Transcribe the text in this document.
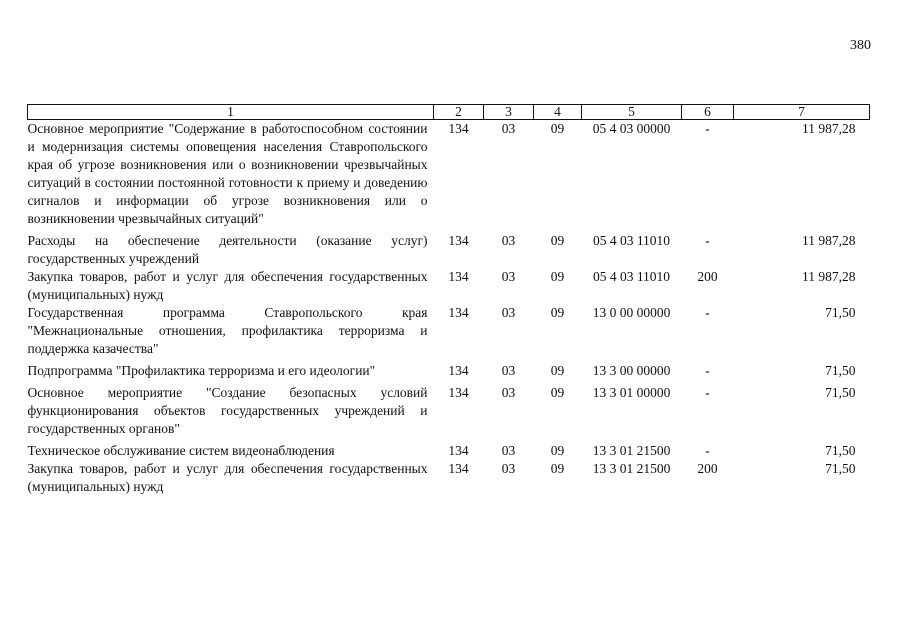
380
1	2	3	4	5	6	7
Основное мероприятие "Содержание в работоспособном состоянии и модернизация системы оповещения населения Ставропольского края об угрозе возникновения или о возникновении чрезвычайных ситуаций в состоянии постоянной готовности к приему и доведению сигналов и информации об угрозе возникновения или о возникновении чрезвычайных ситуаций"	134	03	09	05 4 03 00000	-	11 987,28
Расходы на обеспечение деятельности (оказание услуг) государственных учреждений	134	03	09	05 4 03 11010	-	11 987,28
Закупка товаров, работ и услуг для обеспечения государственных (муниципальных) нужд	134	03	09	05 4 03 11010	200	11 987,28
Государственная программа Ставропольского края "Межнациональные отношения, профилактика терроризма и поддержка казачества"	134	03	09	13 0 00 00000	-	71,50
Подпрограмма "Профилактика терроризма и его идеологии"	134	03	09	13 3 00 00000	-	71,50
Основное мероприятие "Создание безопасных условий функционирования объектов государственных учреждений и государственных органов"	134	03	09	13 3 01 00000	-	71,50
Техническое обслуживание систем видеонаблюдения	134	03	09	13 3 01 21500	-	71,50
Закупка товаров, работ и услуг для обеспечения государственных (муниципальных) нужд	134	03	09	13 3 01 21500	200	71,50
